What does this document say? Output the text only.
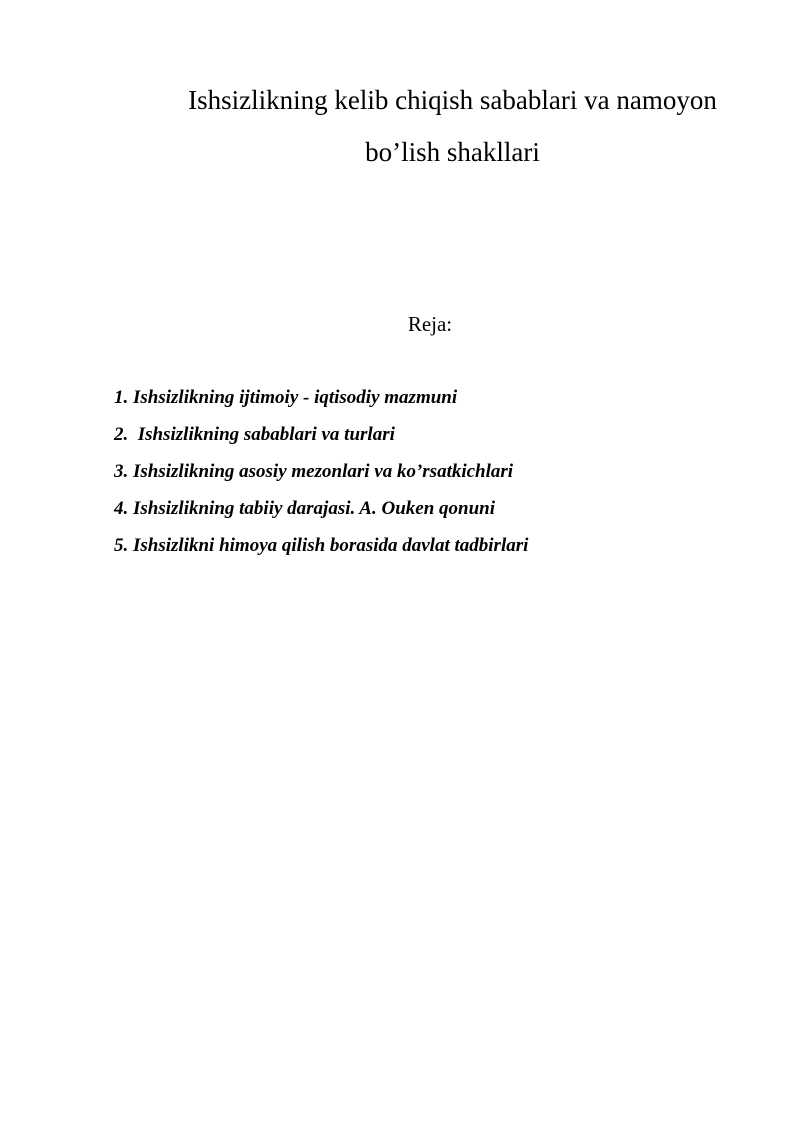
Ishsizlikning kelib chiqish sabablari va namoyon
bo’lish shakllari

Reja:

1. Ishsizlikning ijtimoiy - iqtisodiy mazmuni
2.  Ishsizlikning sabablari va turlari
3. Ishsizlikning asosiy mezonlari va ko’rsatkichlari
4. Ishsizlikning tabiiy darajasi. A. Ouken qonuni
5. Ishsizlikni himoya qilish borasida davlat tadbirlari
